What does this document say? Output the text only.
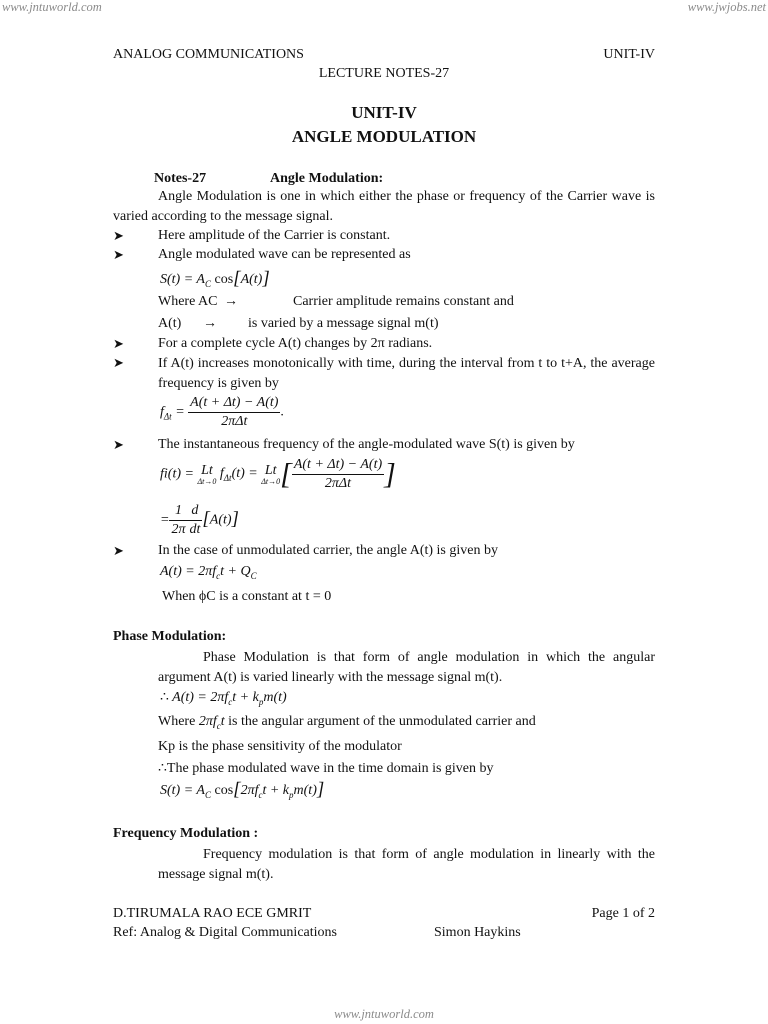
www.jntuworld.com	www.jwjobs.net
www.jntuworld.com
ANALOG COMMUNICATIONS	UNIT-IV
LECTURE NOTES-27
UNIT-IV
ANGLE MODULATION
Notes-27	Angle Modulation:
Angle Modulation is one in which either the phase or frequency of the Carrier wave is varied according to the message signal.
➤ Here amplitude of the Carrier is constant.
➤ Angle modulated wave can be represented as
$S(t) = A_C$ cos[A(t)]
Where AC →	Carrier amplitude remains constant and
A(t) → is varied by a message signal m(t)
➤ For a complete cycle A(t) changes by 2π radians.
➤ If A(t) increases monotonically with time, during the interval from t to t+A, the average frequency is given by
$f_{\Delta t} = \frac{A(t + \Delta t) - A(t)}{\text{2πΔt}}$ .
➤ The instantaneous frequency of the angle-modulated wave S(t) is given by
fi(t) = Lt
Δt→0 $f_{\Delta t}(t) = Lt$
Δt→0 [ $\frac{A(t + \Delta t) - A(t)}{\text{2πΔt}}$ ]
= $\frac{1}{2\pi} \frac{d}{dt} [A(t)]$
➤ In the case of unmodulated carrier, the angle A(t) is given by
$A(t) = 2\pi f_ct + Q_C$
When ϕC is a constant at t = 0
Phase Modulation:
Phase Modulation is that form of angle modulation in which the angular argument A(t) is varied linearly with the message signal m(t).
∴ $A(t) = 2\pi f_ct + k_pm(t)$
Where $2\pi f_ct$ is the angular argument of the unmodulated carrier and
Kp is the phase sensitivity of the modulator
∴The phase modulated wave in the time domain is given by
$S(t) = A_C$ $\cos[2\pi f_ct + k_pm(t)]$
Frequency Modulation :
Frequency modulation is that form of angle modulation in linearly with the message signal m(t).
D.TIRUMALA RAO ECE GMRIT	Page 1 of 2
Ref: Analog & Digital Communications	Simon Haykins
